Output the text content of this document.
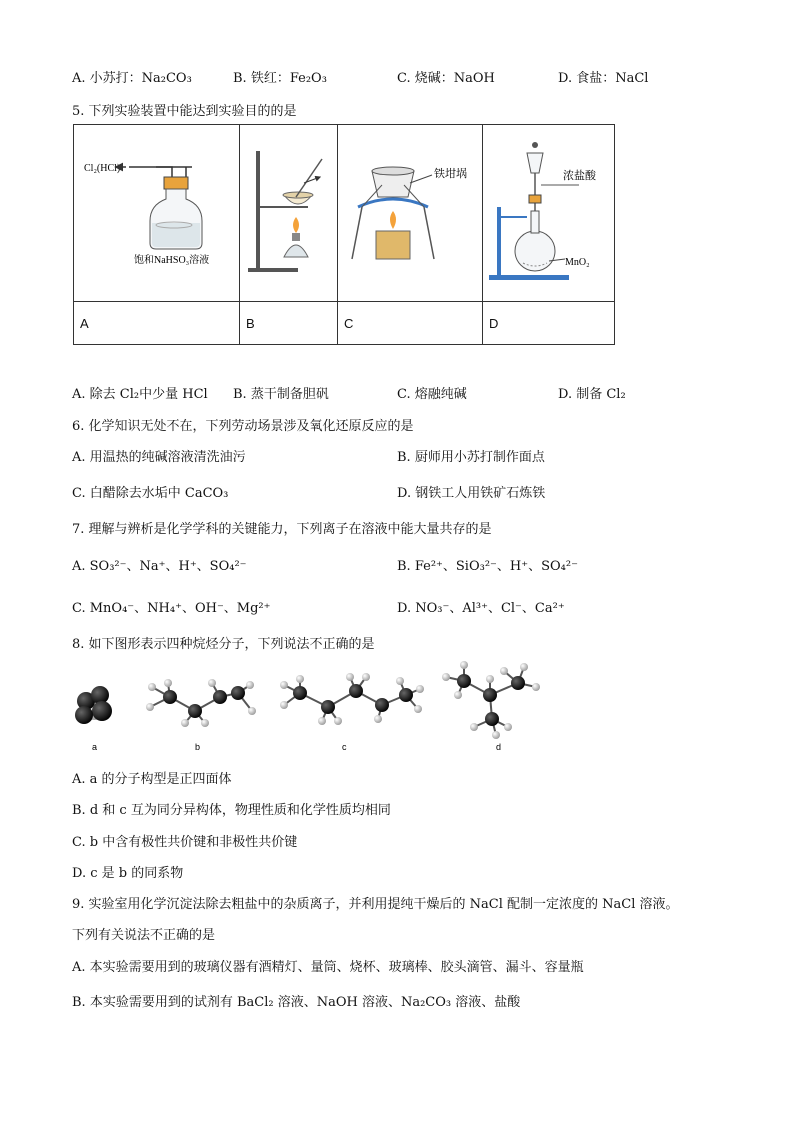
A. 小苏打：Na₂CO₃	B. 铁红：Fe₂O₃	C. 烧碱：NaOH	D. 食盐：NaCl
5. 下列实验装置中能达到实验目的的是
Cl₂(HCl)
饱和NaHSO₃溶液		铁坩埚	浓盐酸
MnO₂

A	B	C	D
A. 除去 Cl₂中少量 HCl B. 蒸干制备胆矾	C. 熔融纯碱	D. 制备 Cl₂
6. 化学知识无处不在，下列劳动场景涉及氧化还原反应的是
A. 用温热的纯碱溶液清洗油污	B. 厨师用小苏打制作面点
C. 白醋除去水垢中 CaCO₃	D. 钢铁工人用铁矿石炼铁
7. 理解与辨析是化学学科的关键能力，下列离子在溶液中能大量共存的是
A. SO₃²⁻、Na⁺、H⁺、SO₄²⁻	B. Fe²⁺、SiO₃²⁻、H⁺、SO₄²⁻
C. MnO₄⁻、NH₄⁺、OH⁻、Mg²⁺	D. NO₃⁻、Al³⁺、Cl⁻、Ca²⁺
8. 如下图形表示四种烷烃分子，下列说法不正确的是
a	b	c	d
A. a 的分子构型是正四面体
B. d 和 c 互为同分异构体，物理性质和化学性质均相同
C. b 中含有极性共价键和非极性共价键
D. c 是 b 的同系物
9. 实验室用化学沉淀法除去粗盐中的杂质离子，并利用提纯干燥后的 NaCl 配制一定浓度的 NaCl 溶液。
下列有关说法不正确的是
A. 本实验需要用到的玻璃仪器有酒精灯、量筒、烧杯、玻璃棒、胶头滴管、漏斗、容量瓶
B. 本实验需要用到的试剂有 BaCl₂ 溶液、NaOH 溶液、Na₂CO₃ 溶液、盐酸
